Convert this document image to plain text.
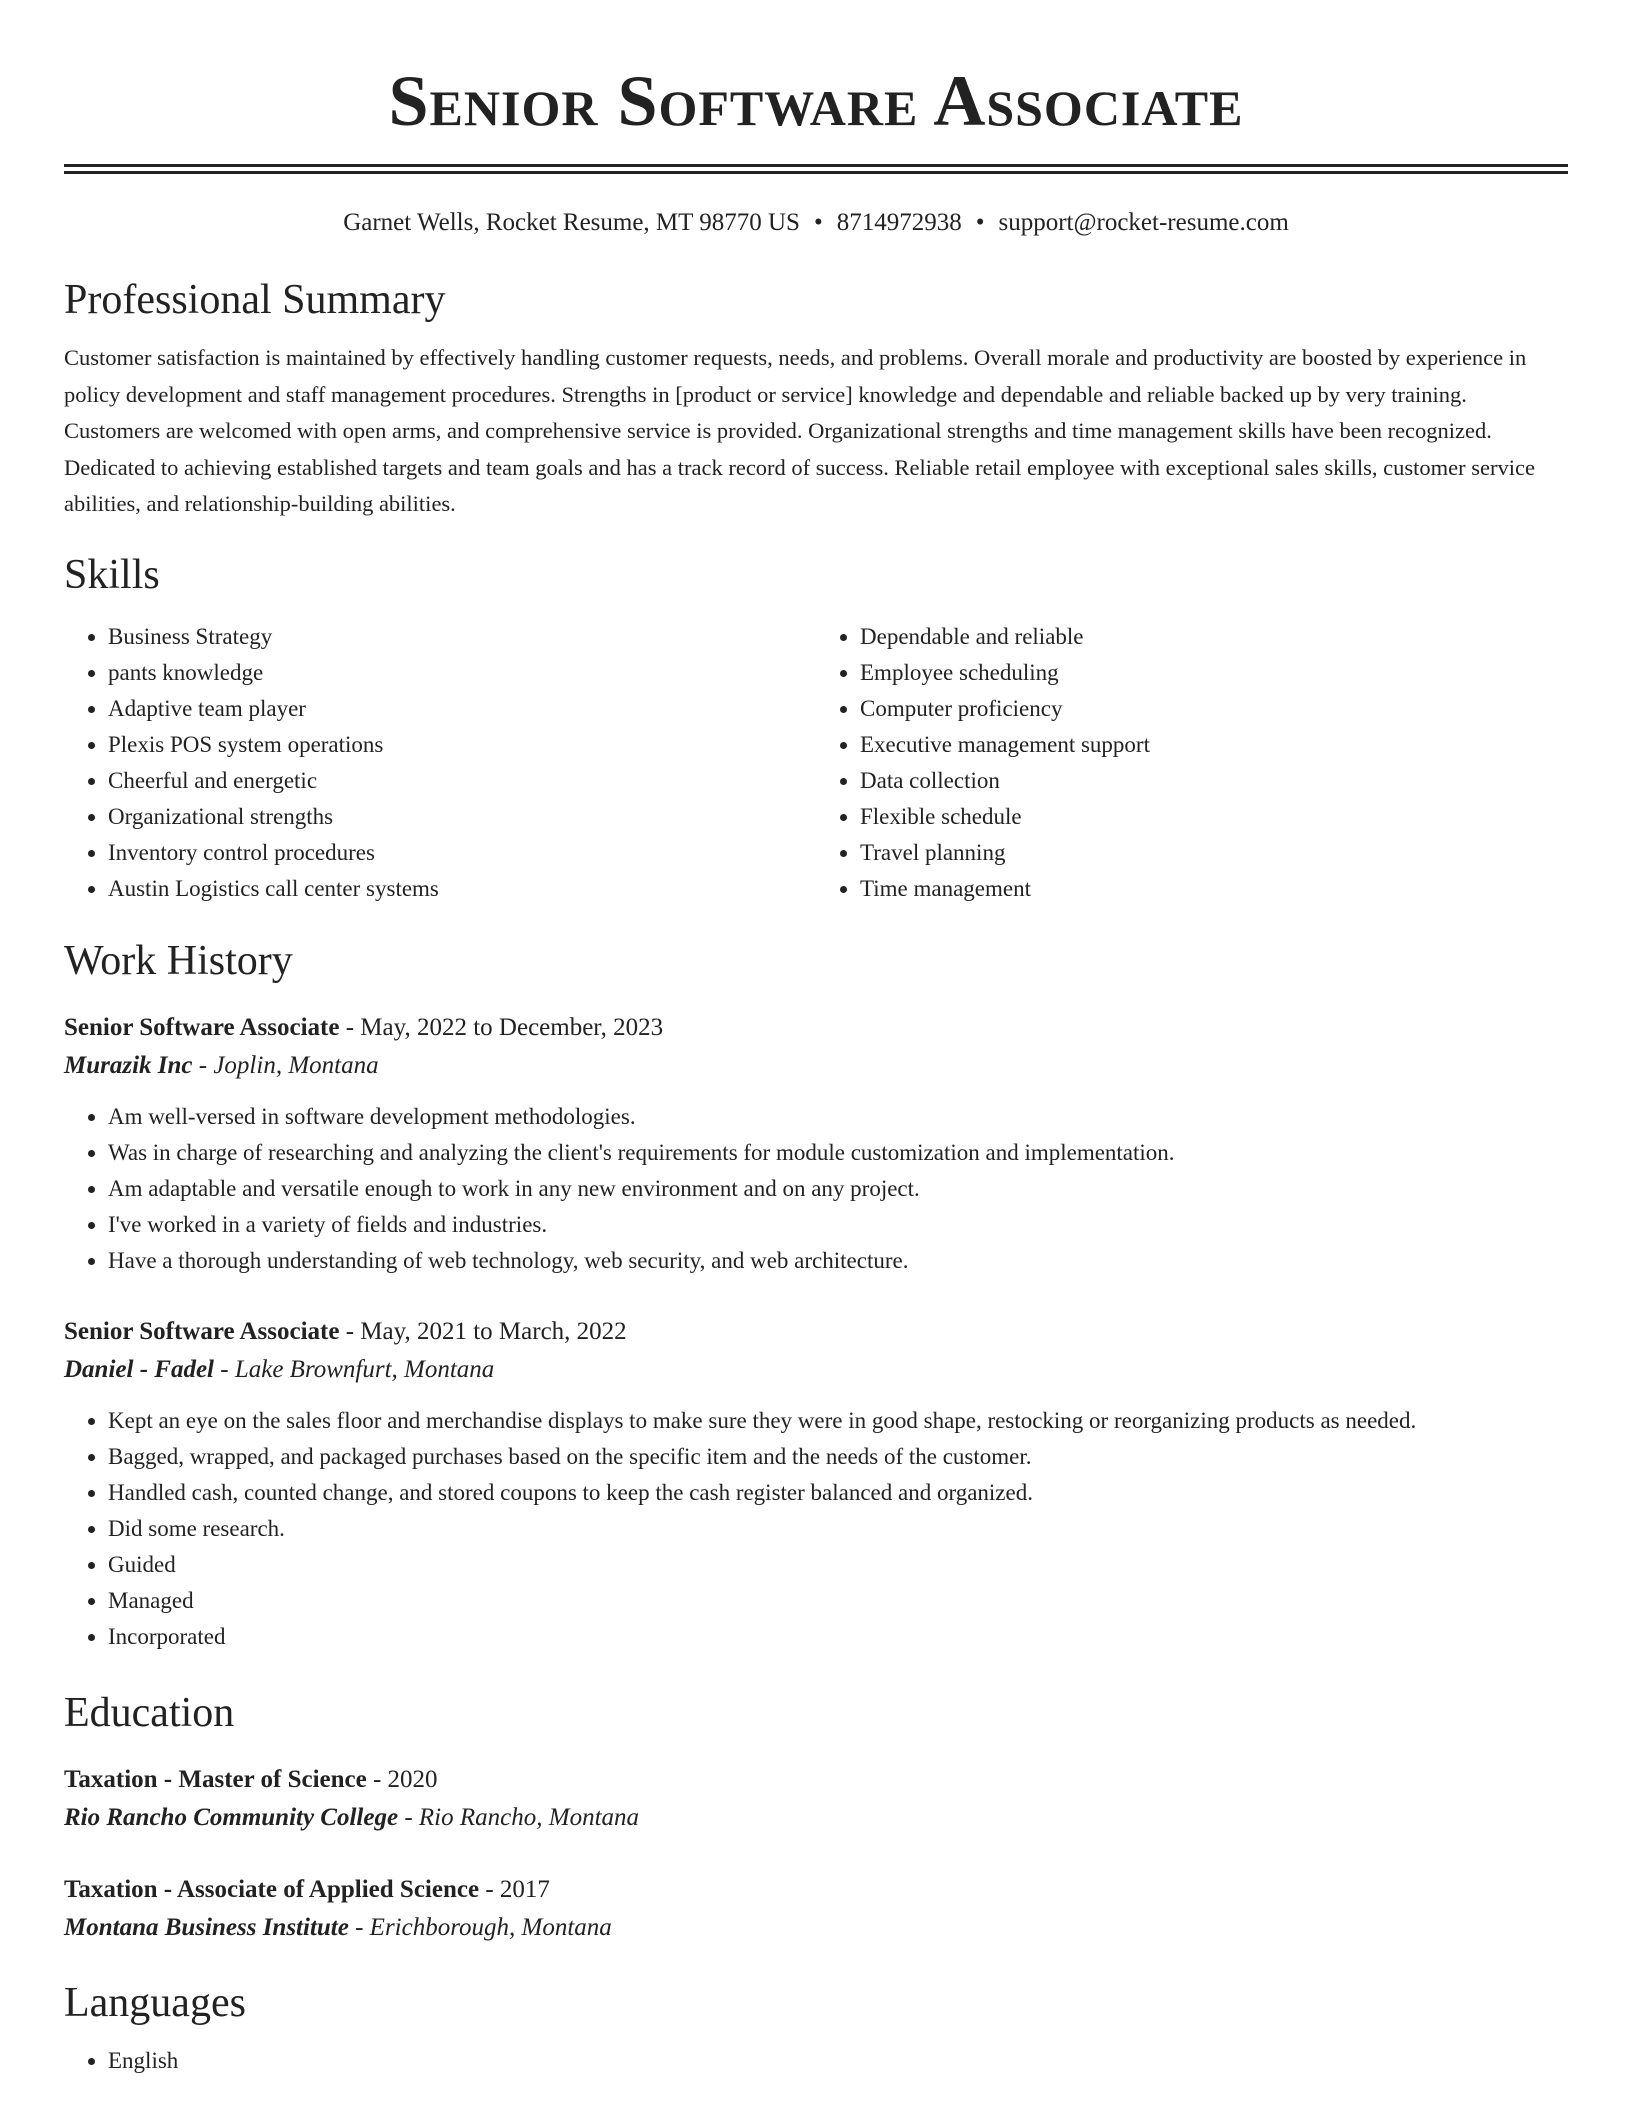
Senior Software Associate
Garnet Wells, Rocket Resume, MT 98770 US • 8714972938 • support@rocket-resume.com
Professional Summary

Customer satisfaction is maintained by effectively handling customer requests, needs, and problems. Overall morale and productivity are boosted by experience in policy development and staff management procedures. Strengths in [product or service] knowledge and dependable and reliable backed up by very training. Customers are welcomed with open arms, and comprehensive service is provided. Organizational strengths and time management skills have been recognized. Dedicated to achieving established targets and team goals and has a track record of success. Reliable retail employee with exceptional sales skills, customer service abilities, and relationship-building abilities.

Skills
• Business Strategy
• pants knowledge
• Adaptive team player
• Plexis POS system operations
• Cheerful and energetic
• Organizational strengths
• Inventory control procedures
• Austin Logistics call center systems
• Dependable and reliable
• Employee scheduling
• Computer proficiency
• Executive management support
• Data collection
• Flexible schedule
• Travel planning
• Time management
Work History
Senior Software Associate - May, 2022 to December, 2023
Murazik Inc - Joplin, Montana
• Am well-versed in software development methodologies.
• Was in charge of researching and analyzing the client's requirements for module customization and implementation.
• Am adaptable and versatile enough to work in any new environment and on any project.
• I've worked in a variety of fields and industries.
• Have a thorough understanding of web technology, web security, and web architecture.
Senior Software Associate - May, 2021 to March, 2022
Daniel - Fadel - Lake Brownfurt, Montana
• Kept an eye on the sales floor and merchandise displays to make sure they were in good shape, restocking or reorganizing products as needed.
• Bagged, wrapped, and packaged purchases based on the specific item and the needs of the customer.
• Handled cash, counted change, and stored coupons to keep the cash register balanced and organized.
• Did some research.
• Guided
• Managed
• Incorporated
Education
Taxation - Master of Science - 2020
Rio Rancho Community College - Rio Rancho, Montana
Taxation - Associate of Applied Science - 2017
Montana Business Institute - Erichborough, Montana
Languages
• English
